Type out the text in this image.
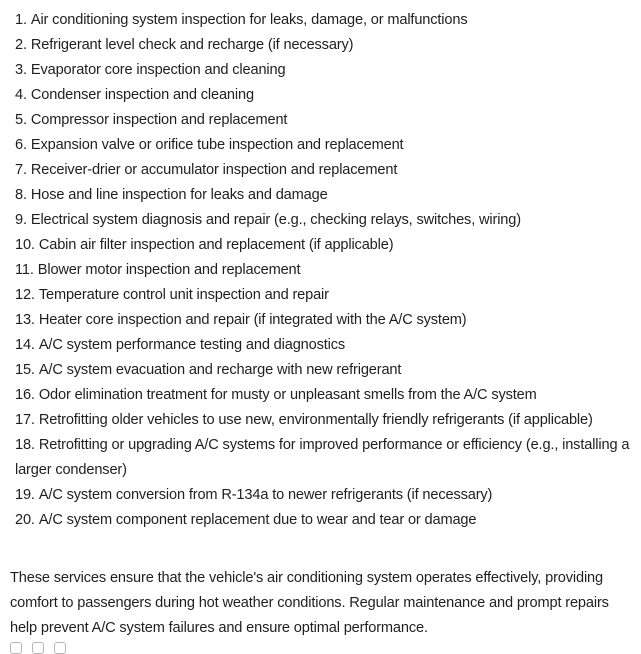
1. Air conditioning system inspection for leaks, damage, or malfunctions
2. Refrigerant level check and recharge (if necessary)
3. Evaporator core inspection and cleaning
4. Condenser inspection and cleaning
5. Compressor inspection and replacement
6. Expansion valve or orifice tube inspection and replacement
7. Receiver-drier or accumulator inspection and replacement
8. Hose and line inspection for leaks and damage
9. Electrical system diagnosis and repair (e.g., checking relays, switches, wiring)
10. Cabin air filter inspection and replacement (if applicable)
11. Blower motor inspection and replacement
12. Temperature control unit inspection and repair
13. Heater core inspection and repair (if integrated with the A/C system)
14. A/C system performance testing and diagnostics
15. A/C system evacuation and recharge with new refrigerant
16. Odor elimination treatment for musty or unpleasant smells from the A/C system
17. Retrofitting older vehicles to use new, environmentally friendly refrigerants (if applicable)
18. Retrofitting or upgrading A/C systems for improved performance or efficiency (e.g., installing a larger condenser)
19. A/C system conversion from R-134a to newer refrigerants (if necessary)
20. A/C system component replacement due to wear and tear or damage

These services ensure that the vehicle's air conditioning system operates effectively, providing comfort to passengers during hot weather conditions. Regular maintenance and prompt repairs help prevent A/C system failures and ensure optimal performance.
